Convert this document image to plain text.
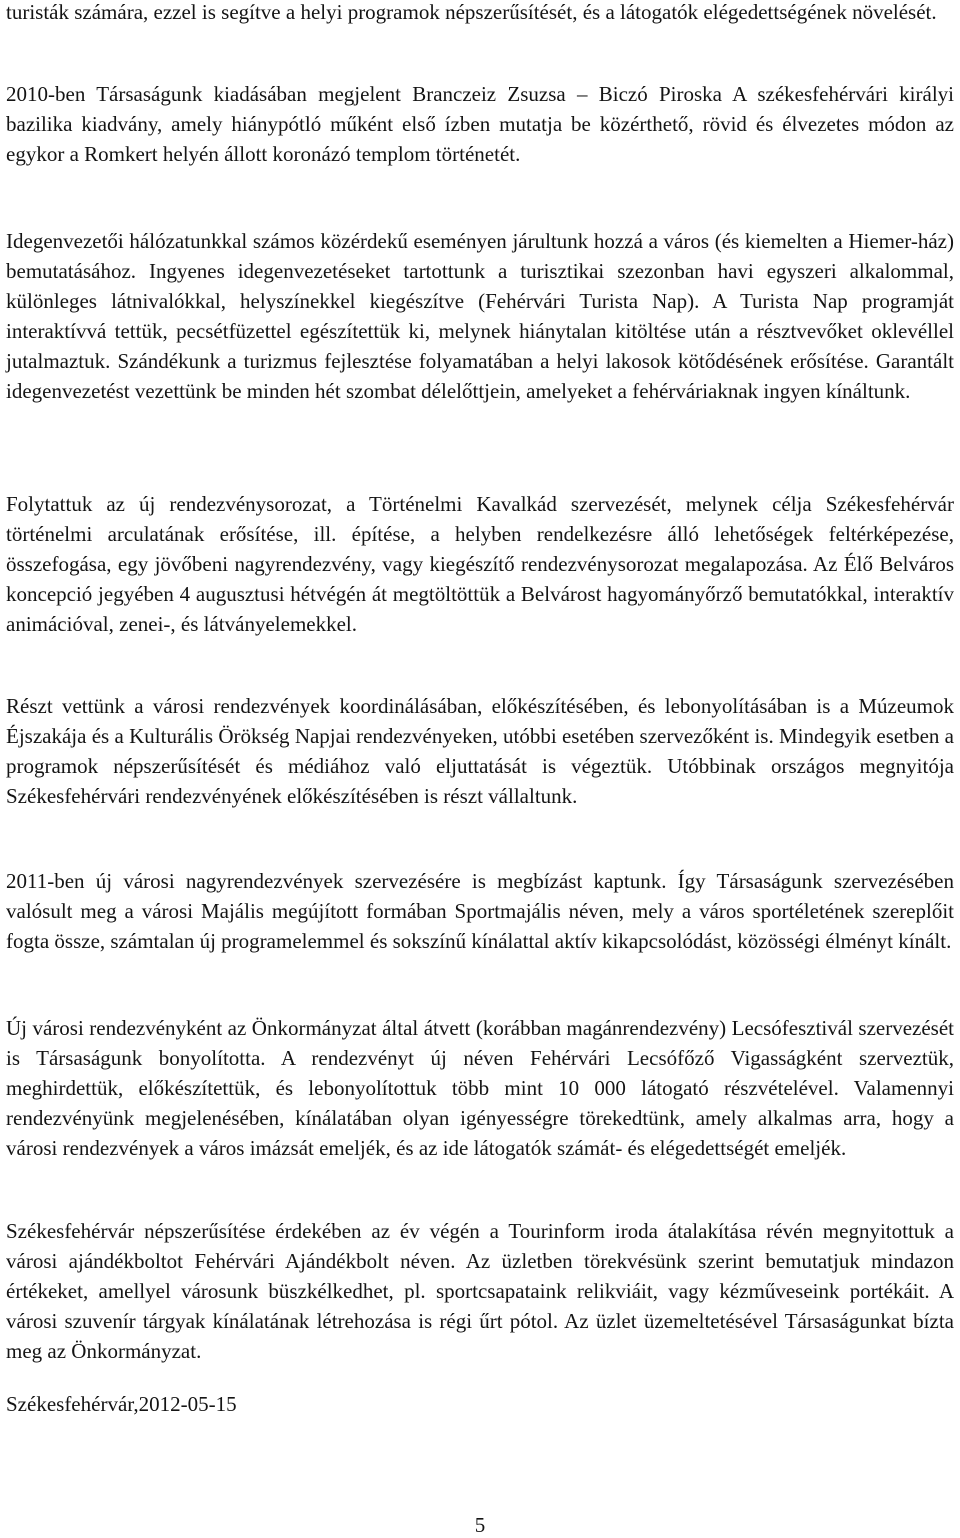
turisták számára, ezzel is segítve a helyi programok népszerűsítését, és a látogatók elégedettségének növelését.

2010-ben Társaságunk kiadásában megjelent Branczeiz Zsuzsa – Biczó Piroska A székesfehérvári királyi bazilika kiadvány, amely hiánypótló műként első ízben mutatja be közérthető, rövid és élvezetes módon az egykor a Romkert helyén állott koronázó templom történetét.

Idegenvezetői hálózatunkkal számos közérdekű eseményen járultunk hozzá a város (és kiemelten a Hiemer-ház) bemutatásához. Ingyenes idegenvezetéseket tartottunk a turisztikai szezonban havi egyszeri alkalommal, különleges látnivalókkal, helyszínekkel kiegészítve (Fehérvári Turista Nap). A Turista Nap programját interaktívvá tettük, pecsétfüzettel egészítettük ki, melynek hiánytalan kitöltése után a résztvevőket oklevéllel jutalmaztuk. Szándékunk a turizmus fejlesztése folyamatában a helyi lakosok kötődésének erősítése. Garantált idegenvezetést vezettünk be minden hét szombat délelőttjein, amelyeket a fehérváriaknak ingyen kínáltunk.

Folytattuk az új rendezvénysorozat, a Történelmi Kavalkád szervezését, melynek célja Székesfehérvár történelmi arculatának erősítése, ill. építése, a helyben rendelkezésre álló lehetőségek feltérképezése, összefogása, egy jövőbeni nagyrendezvény, vagy kiegészítő rendezvénysorozat megalapozása. Az Élő Belváros koncepció jegyében 4 augusztusi hétvégén át megtöltöttük a Belvárost hagyományőrző bemutatókkal, interaktív animációval, zenei-, és látványelemekkel.

Részt vettünk a városi rendezvények koordinálásában, előkészítésében, és lebonyolításában is a Múzeumok Éjszakája és a Kulturális Örökség Napjai rendezvényeken, utóbbi esetében szervezőként is. Mindegyik esetben a programok népszerűsítését és médiához való eljuttatását is végeztük. Utóbbinak országos megnyitója Székesfehérvári rendezvényének előkészítésében is részt vállaltunk.

2011-ben új városi nagyrendezvények szervezésére is megbízást kaptunk. Így Társaságunk szervezésében valósult meg a városi Majális megújított formában Sportmajális néven, mely a város sportéletének szereplőit fogta össze, számtalan új programelemmel és sokszínű kínálattal aktív kikapcsolódást, közösségi élményt kínált.

Új városi rendezvényként az Önkormányzat által átvett (korábban magánrendezvény) Lecsófesztivál szervezését is Társaságunk bonyolította. A rendezvényt új néven Fehérvári Lecsófőző Vigasságként szerveztük, meghirdettük, előkészítettük, és lebonyolítottuk több mint 10 000 látogató részvételével. Valamennyi rendezvényünk megjelenésében, kínálatában olyan igényességre törekedtünk, amely alkalmas arra, hogy a városi rendezvények a város imázsát emeljék, és az ide látogatók számát- és elégedettségét emeljék.

Székesfehérvár népszerűsítése érdekében az év végén a Tourinform iroda átalakítása révén megnyitottuk a városi ajándékboltot Fehérvári Ajándékbolt néven. Az üzletben törekvésünk szerint bemutatjuk mindazon értékeket, amellyel városunk büszkélkedhet, pl. sportcsapataink relikviáit, vagy kézműveseink portékáit. A városi szuvenír tárgyak kínálatának létrehozása is régi űrt pótol. Az üzlet üzemeltetésével Társaságunkat bízta meg az Önkormányzat.

Székesfehérvár,2012-05-15

5
